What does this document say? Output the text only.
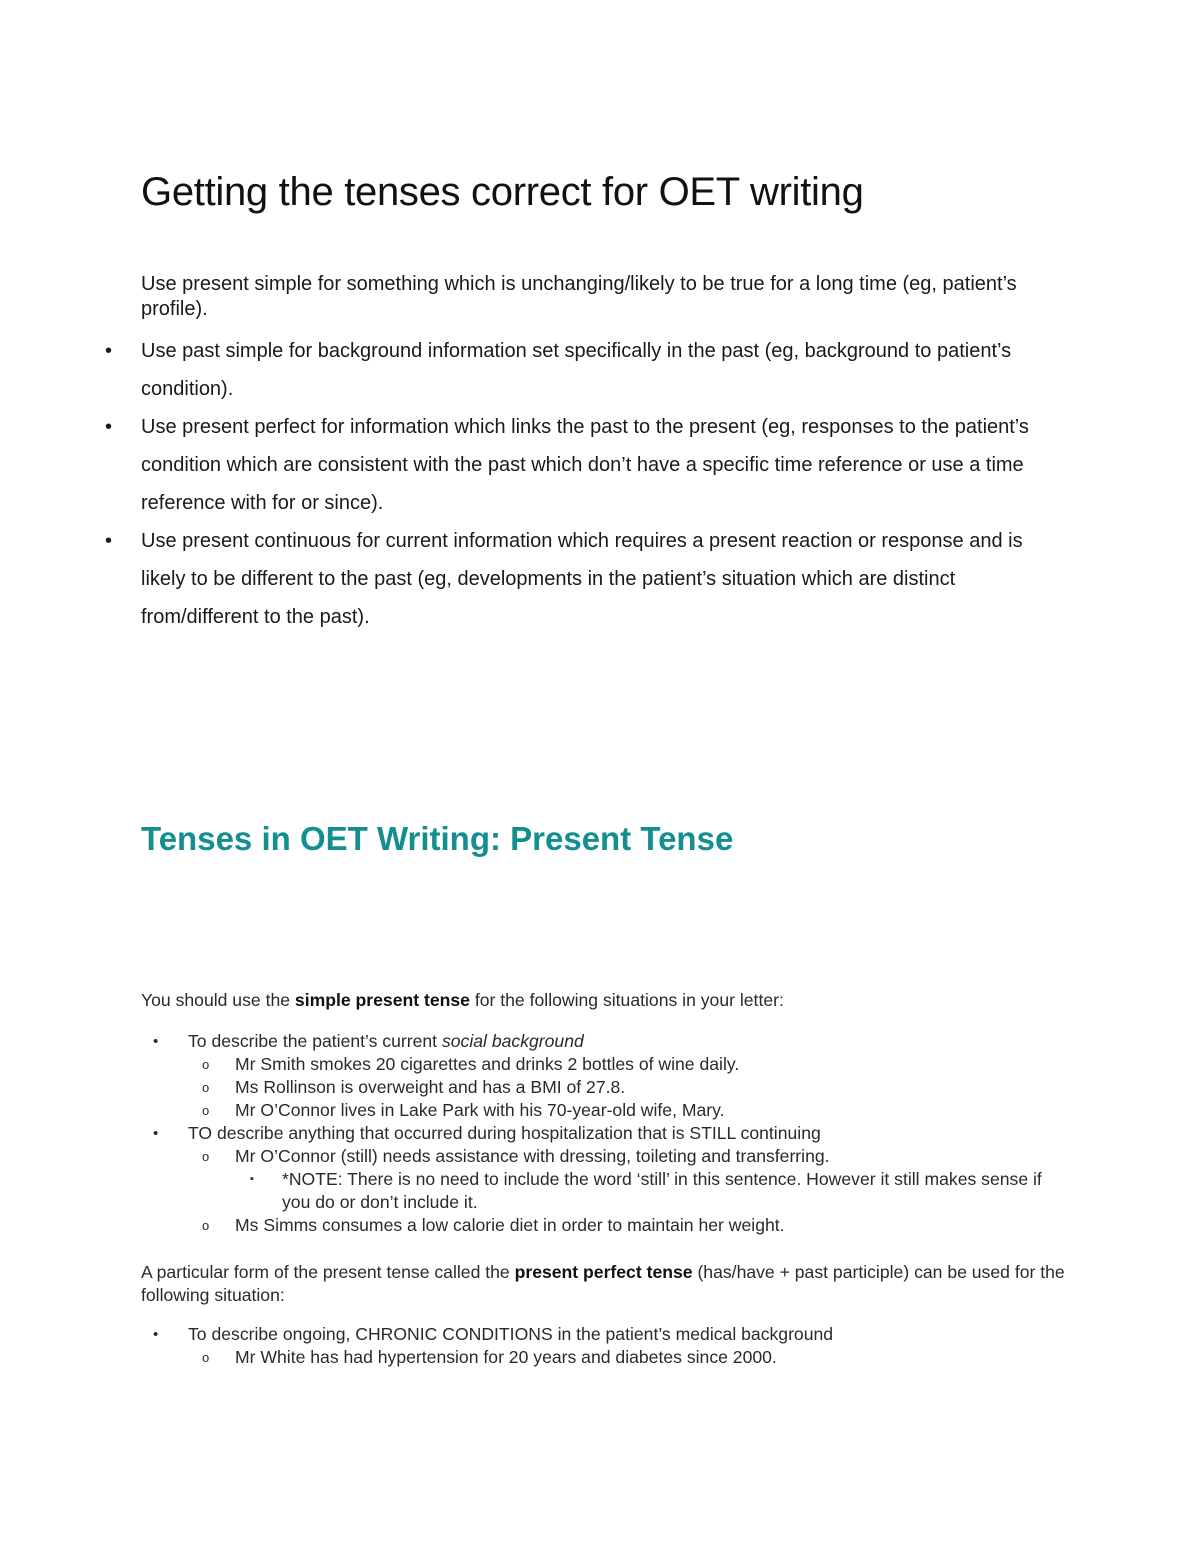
Getting the tenses correct for OET writing

Use present simple for something which is unchanging/likely to be true for a long time (eg, patient’s profile).

• Use past simple for background information set specifically in the past (eg, background to patient’s condition).
• Use present perfect for information which links the past to the present (eg, responses to the patient’s condition which are consistent with the past which don’t have a specific time reference or use a time reference with for or since).
• Use present continuous for current information which requires a present reaction or response and is likely to be different to the past (eg, developments in the patient’s situation which are distinct from/different to the past).
Tenses in OET Writing: Present Tense

You should use the simple present tense for the following situations in your letter:

• To describe the patient’s current social background
o Mr Smith smokes 20 cigarettes and drinks 2 bottles of wine daily.
o Ms Rollinson is overweight and has a BMI of 27.8.
o Mr O’Connor lives in Lake Park with his 70-year-old wife, Mary.
• TO describe anything that occurred during hospitalization that is STILL continuing
o Mr O’Connor (still) needs assistance with dressing, toileting and transferring.
▪ *NOTE: There is no need to include the word ‘still’ in this sentence. However it still makes sense if you do or don’t include it.
o Ms Simms consumes a low calorie diet in order to maintain her weight.

A particular form of the present tense called the present perfect tense (has/have + past participle) can be used for the following situation:

• To describe ongoing, CHRONIC CONDITIONS in the patient’s medical background
o Mr White has had hypertension for 20 years and diabetes since 2000.
